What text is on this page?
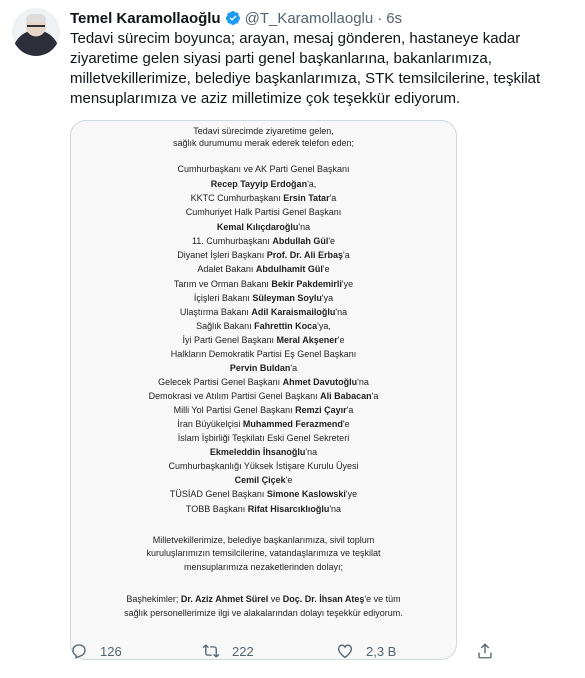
Temel Karamollaoğlu @T_Karamollaoglu · 6s

Tedavi sürecim boyunca; arayan, mesaj gönderen, hastaneye kadar

ziyaretime gelen siyasi parti genel başkanlarına, bakanlarımıza,

milletvekillerimize, belediye başkanlarımıza, STK temsilcilerine, teşkilat

mensuplarımıza ve aziz milletimize çok teşekkür ediyorum.

Tedavi sürecimde ziyaretime gelen,
sağlık durumumu merak ederek telefon eden;
Cumhurbaşkanı ve AK Parti Genel Başkanı
Recep Tayyip Erdoğan'a,
KKTC Cumhurbaşkanı Ersin Tatar'a
Cumhuriyet Halk Partisi Genel Başkanı
Kemal Kılıçdaroğlu'na
11. Cumhurbaşkanı Abdullah Gül'e
Diyanet İşleri Başkanı Prof. Dr. Ali Erbaş'a
Adalet Bakanı Abdulhamit Gül'e
Tarım ve Orman Bakanı Bekir Pakdemirli'ye
İçişleri Bakanı Süleyman Soylu'ya
Ulaştırma Bakanı Adil Karaismailoğlu'na
Sağlık Bakanı Fahrettin Koca'ya,
İyi Parti Genel Başkanı Meral Akşener'e
Halkların Demokratik Partisi Eş Genel Başkanı
Pervin Buldan'a
Gelecek Partisi Genel Başkanı Ahmet Davutoğlu'na
Demokrasi ve Atılım Partisi Genel Başkanı Ali Babacan'a
Milli Yol Partisi Genel Başkanı Remzi Çayır'a
İran Büyükelçisi Muhammed Ferazmend'e
İslam İşbirliği Teşkilatı Eski Genel Sekreteri
Ekmeleddin İhsanoğlu'na
Cumhurbaşkanlığı Yüksek İstişare Kurulu Üyesi
Cemil Çiçek'e
TÜSİAD Genel Başkanı Simone Kaslowski'ye
TOBB Başkanı Rifat Hisarcıklıoğlu'na
Milletvekillerimize, belediye başkanlarımıza, sivil toplum
kuruluşlarımızın temsilcilerine, vatandaşlarımıza ve teşkilat
mensuplarımıza nezaketlerinden dolayı;
Başhekimler; Dr. Aziz Ahmet Sürel ve Doç. Dr. İhsan Ateş'e ve tüm
sağlık personellerimize ilgi ve alakalarından dolayı teşekkür ediyorum.
126	222	2,3 B
